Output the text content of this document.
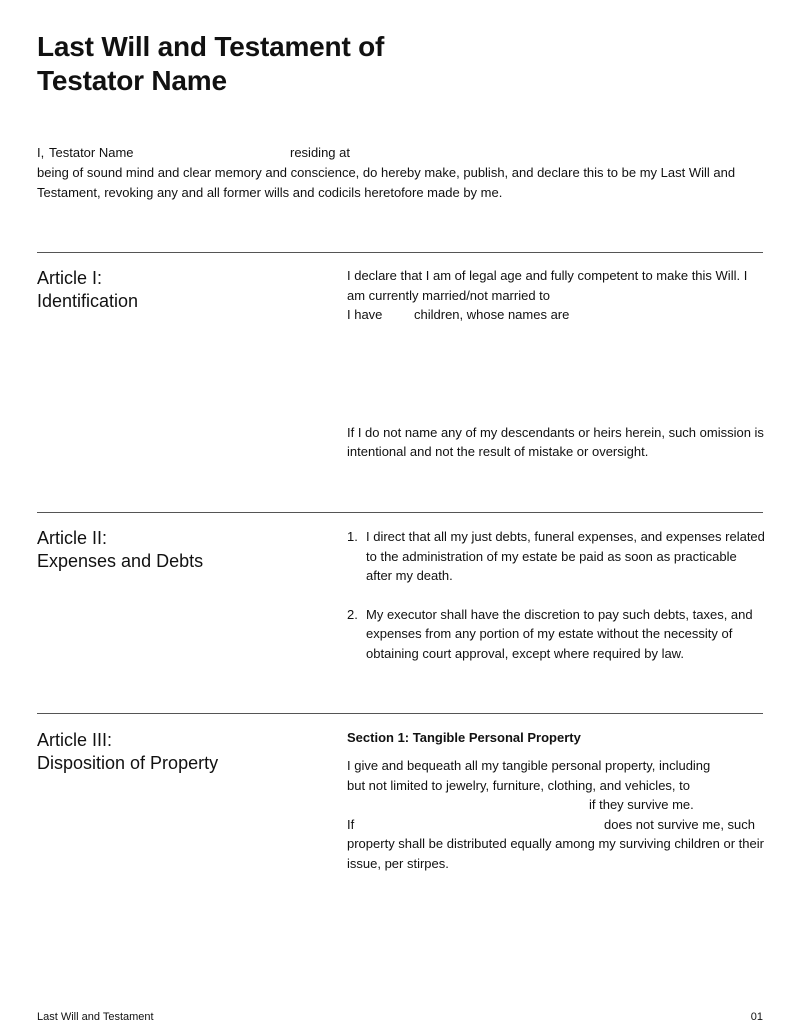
Last Will and Testament of
Testator Name
I, Testator Name	residing at

being of sound mind and clear memory and conscience, do hereby make, publish, and declare this to be my Last Will and Testament, revoking any and all former wills and codicils heretofore made by me.

Article I:
Identification

I declare that I am of legal age and fully competent to make this Will. I am currently married/not married to

I have children, whose names are

If I do not name any of my descendants or heirs herein, such omission is intentional and not the result of mistake or oversight.

Article II:
Expenses and Debts
1. I direct that all my just debts, funeral expenses, and expenses related to the administration of my estate be paid as soon as practicable after my death.
2. My executor shall have the discretion to pay such debts, taxes, and expenses from any portion of my estate without the necessity of obtaining court approval, except where required by law.
Article III:
Disposition of Property
Section 1: Tangible Personal Property
I give and bequeath all my tangible personal property, including
but not limited to jewelry, furniture, clothing, and vehicles, to
if they survive me.
If	does not survive me, such

property shall be distributed equally among my surviving children or their issue, per stirpes.

Last Will and Testament	01
